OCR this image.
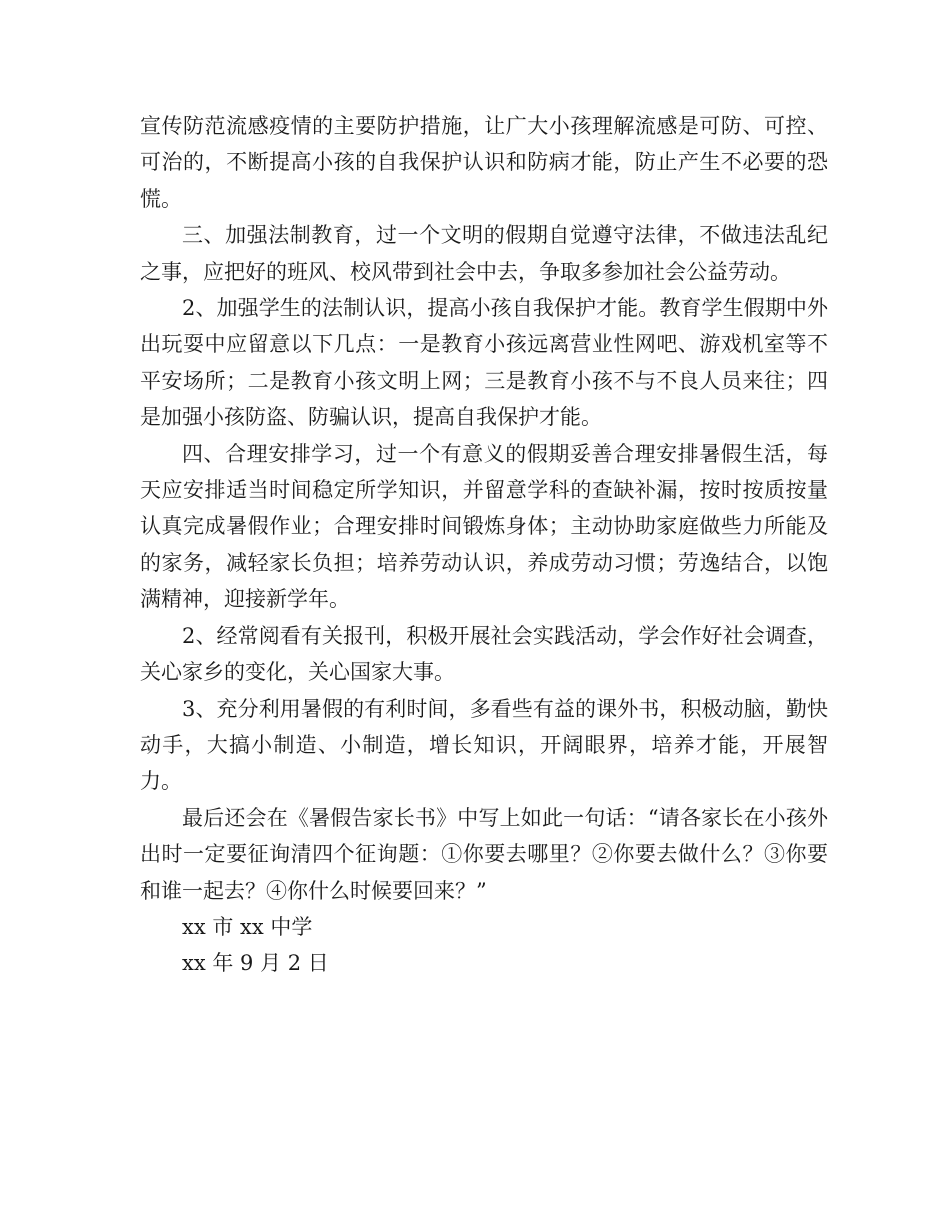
宣传防范流感疫情的主要防护措施，让广大小孩理解流感是可防、可控、可治的，不断提高小孩的自我保护认识和防病才能，防止产生不必要的恐慌。

三、加强法制教育，过一个文明的假期自觉遵守法律，不做违法乱纪之事，应把好的班风、校风带到社会中去，争取多参加社会公益劳动。

2、加强学生的法制认识，提高小孩自我保护才能。教育学生假期中外出玩耍中应留意以下几点：一是教育小孩远离营业性网吧、游戏机室等不平安场所；二是教育小孩文明上网；三是教育小孩不与不良人员来往；四是加强小孩防盗、防骗认识，提高自我保护才能。

四、合理安排学习，过一个有意义的假期妥善合理安排暑假生活，每天应安排适当时间稳定所学知识，并留意学科的查缺补漏，按时按质按量认真完成暑假作业；合理安排时间锻炼身体；主动协助家庭做些力所能及的家务，减轻家长负担；培养劳动认识，养成劳动习惯；劳逸结合，以饱满精神，迎接新学年。

2、经常阅看有关报刊，积极开展社会实践活动，学会作好社会调查，关心家乡的变化，关心国家大事。

3、充分利用暑假的有利时间，多看些有益的课外书，积极动脑，勤快动手，大搞小制造、小制造，增长知识，开阔眼界，培养才能，开展智力。

最后还会在《暑假告家长书》中写上如此一句话：“请各家长在小孩外出时一定要征询清四个征询题：①你要去哪里？②你要去做什么？③你要和谁一起去？④你什么时候要回来？”

xx 市 xx 中学

xx 年 9 月 2 日
